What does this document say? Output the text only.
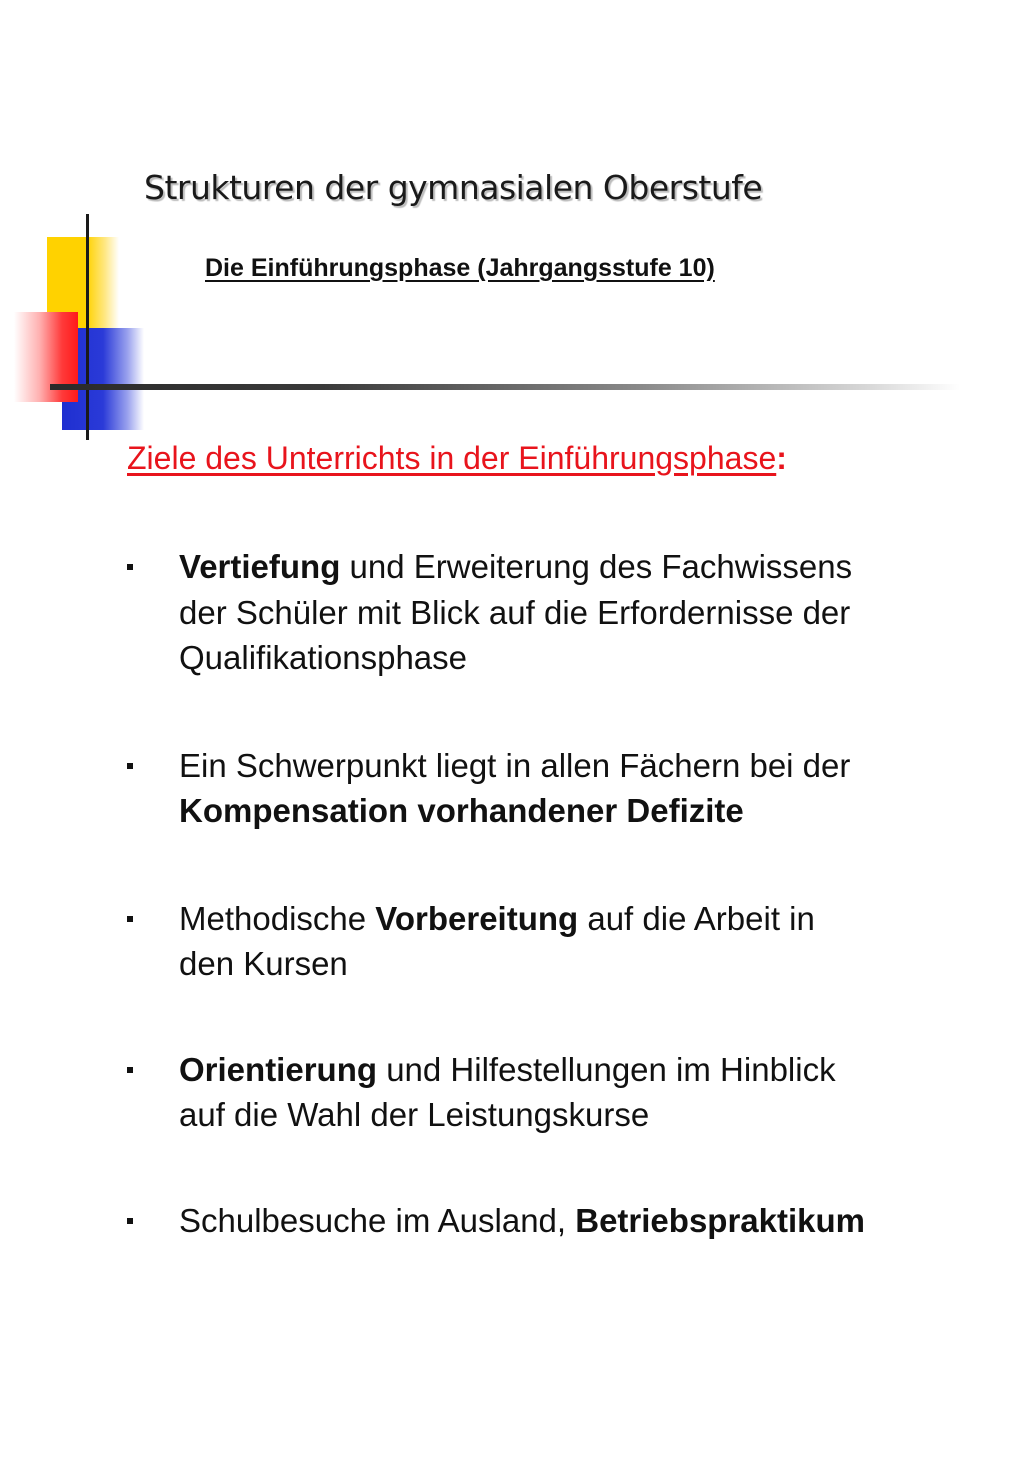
Strukturen der gymnasialen Oberstufe
Die Einführungsphase (Jahrgangsstufe 10)
Ziele des Unterrichts in der Einführungsphase:
Vertiefung und Erweiterung des Fachwissens
der Schüler mit Blick auf die Erfordernisse der
Qualifikationsphase
Ein Schwerpunkt liegt in allen Fächern bei der
Kompensation vorhandener Defizite
Methodische Vorbereitung auf die Arbeit in
den Kursen
Orientierung und Hilfestellungen im Hinblick
auf die Wahl der Leistungskurse
Schulbesuche im Ausland, Betriebspraktikum
